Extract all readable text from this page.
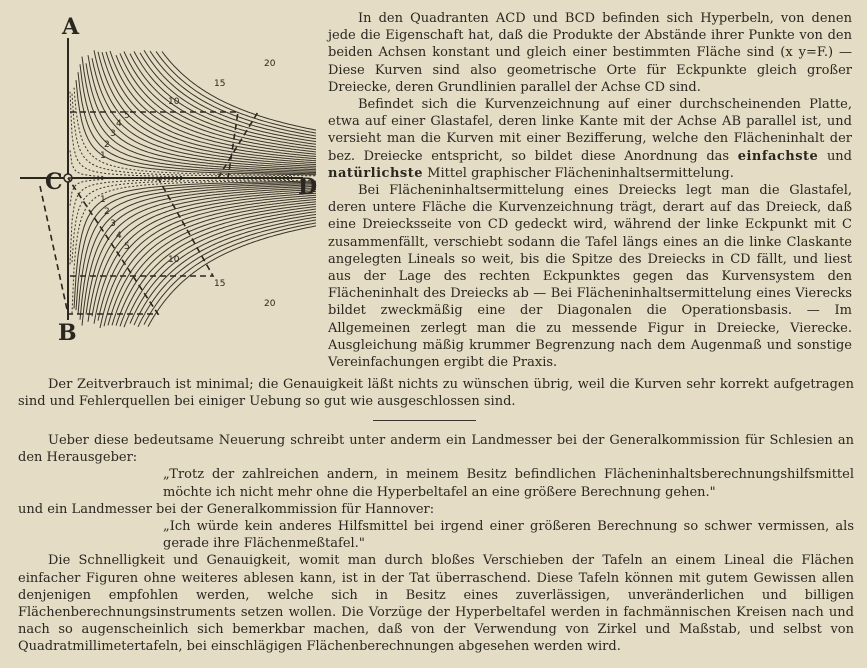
A
B
C	D
1
2
3
4
5
10
15
20
1
2
3
4
5
10
15
20

In den Quadranten ACD und BCD befinden sich Hyperbeln, von denen jede die Eigenschaft hat, daß die Produkte der Abstände ihrer Punkte von den beiden Achsen konstant und gleich einer bestimmten Fläche sind (x y=F.) — Diese Kurven sind also geometrische Orte für Eckpunkte gleich großer Dreiecke, deren Grundlinien parallel der Achse CD sind.

Befindet sich die Kurvenzeichnung auf einer durchscheinenden Platte, etwa auf einer Glastafel, deren linke Kante mit der Achse AB parallel ist, und versieht man die Kurven mit einer Bezifferung, welche den Flächeninhalt der bez. Dreiecke entspricht, so bildet diese Anordnung das einfachste und natürlichste Mittel graphischer Flächeninhaltsermittelung.

Bei Flächeninhaltsermittelung eines Dreiecks legt man die Glastafel, deren untere Fläche die Kurvenzeichnung trägt, derart auf das Dreieck, daß eine Dreiecksseite von CD gedeckt wird, während der linke Eckpunkt mit C zusammenfällt, verschiebt sodann die Tafel längs eines an die linke Claskante angelegten Lineals so weit, bis die Spitze des Dreiecks in CD fällt, und liest aus der Lage des rechten Eckpunktes gegen das Kurvensystem den Flächeninhalt des Dreiecks ab — Bei Flächeninhaltsermittelung eines Vierecks bildet zweckmäßig eine der Diagonalen die Operationsbasis. — Im Allgemeinen zerlegt man die zu messende Figur in Dreiecke, Vierecke. Ausgleichung mäßig krummer Begrenzung nach dem Augenmaß und sonstige Vereinfachungen ergibt die Praxis.

Der Zeitverbrauch ist minimal; die Genauigkeit läßt nichts zu wünschen übrig, weil die Kurven sehr korrekt aufgetragen sind und Fehlerquellen bei einiger Uebung so gut wie ausgeschlossen sind.

Ueber diese bedeutsame Neuerung schreibt unter anderm ein Landmesser bei der Generalkommission für Schlesien an den Herausgeber:

„Trotz der zahlreichen andern, in meinem Besitz befindlichen Flächeninhaltsberechnungshilfsmittel möchte ich nicht mehr ohne die Hyperbeltafel an eine größere Berechnung gehen."

und ein Landmesser bei der Generalkommission für Hannover:

„Ich würde kein anderes Hilfsmittel bei irgend einer größeren Berechnung so schwer vermissen, als gerade ihre Flächenmeßtafel."

Die Schnelligkeit und Genauigkeit, womit man durch bloßes Verschieben der Tafeln an einem Lineal die Flächen einfacher Figuren ohne weiteres ablesen kann, ist in der Tat überraschend. Diese Tafeln können mit gutem Gewissen allen denjenigen empfohlen werden, welche sich in Besitz eines zuverlässigen, unveränderlichen und billigen Flächenberechnungsinstruments setzen wollen. Die Vorzüge der Hyperbeltafel werden in fachmännischen Kreisen nach und nach so augenscheinlich sich bemerkbar machen, daß von der Verwendung von Zirkel und Maßstab, und selbst von Quadratmillimetertafeln, bei einschlägigen Flächenberechnungen abgesehen werden wird.
